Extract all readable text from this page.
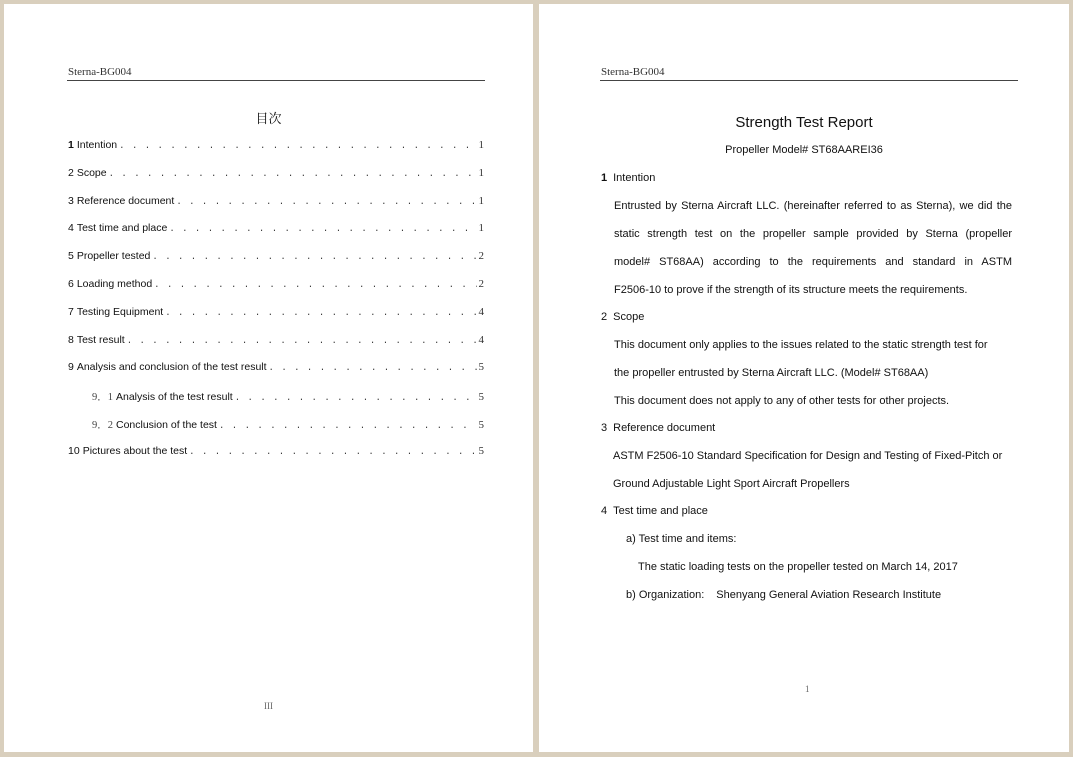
Sterna-BG004
目次
1 Intention . . .	1
2 Scope . . .	1
3 Reference document . . .	1
4 Test time and place . . .	1
5 Propeller tested . . .	2
6 Loading method . . .	2
7 Testing Equipment . . .	4
8 Test result . . .	4
9 Analysis and conclusion of the test result . . .	5
9．1 Analysis of the test result . . .	5
9．2 Conclusion of the test . . .	5
10 Pictures about the test . . .	5
III
Sterna-BG004
Strength Test Report
Propeller Model# ST68AAREI36
1 Intention
Entrusted by Sterna Aircraft LLC. (hereinafter referred to as Sterna), we did the
static strength test on the propeller sample provided by Sterna (propeller
model# ST68AA) according to the requirements and standard in ASTM
F2506-10 to prove if the strength of its structure meets the requirements.
2 Scope
This document only applies to the issues related to the static strength test for
the propeller entrusted by Sterna Aircraft LLC. (Model# ST68AA)
This document does not apply to any of other tests for other projects.
3 Reference document
ASTM F2506-10 Standard Specification for Design and Testing of Fixed-Pitch or
Ground Adjustable Light Sport Aircraft Propellers
4 Test time and place
a) Test time and items:
The static loading tests on the propeller tested on March 14, 2017
b) Organization: Shenyang General Aviation Research Institute
1
